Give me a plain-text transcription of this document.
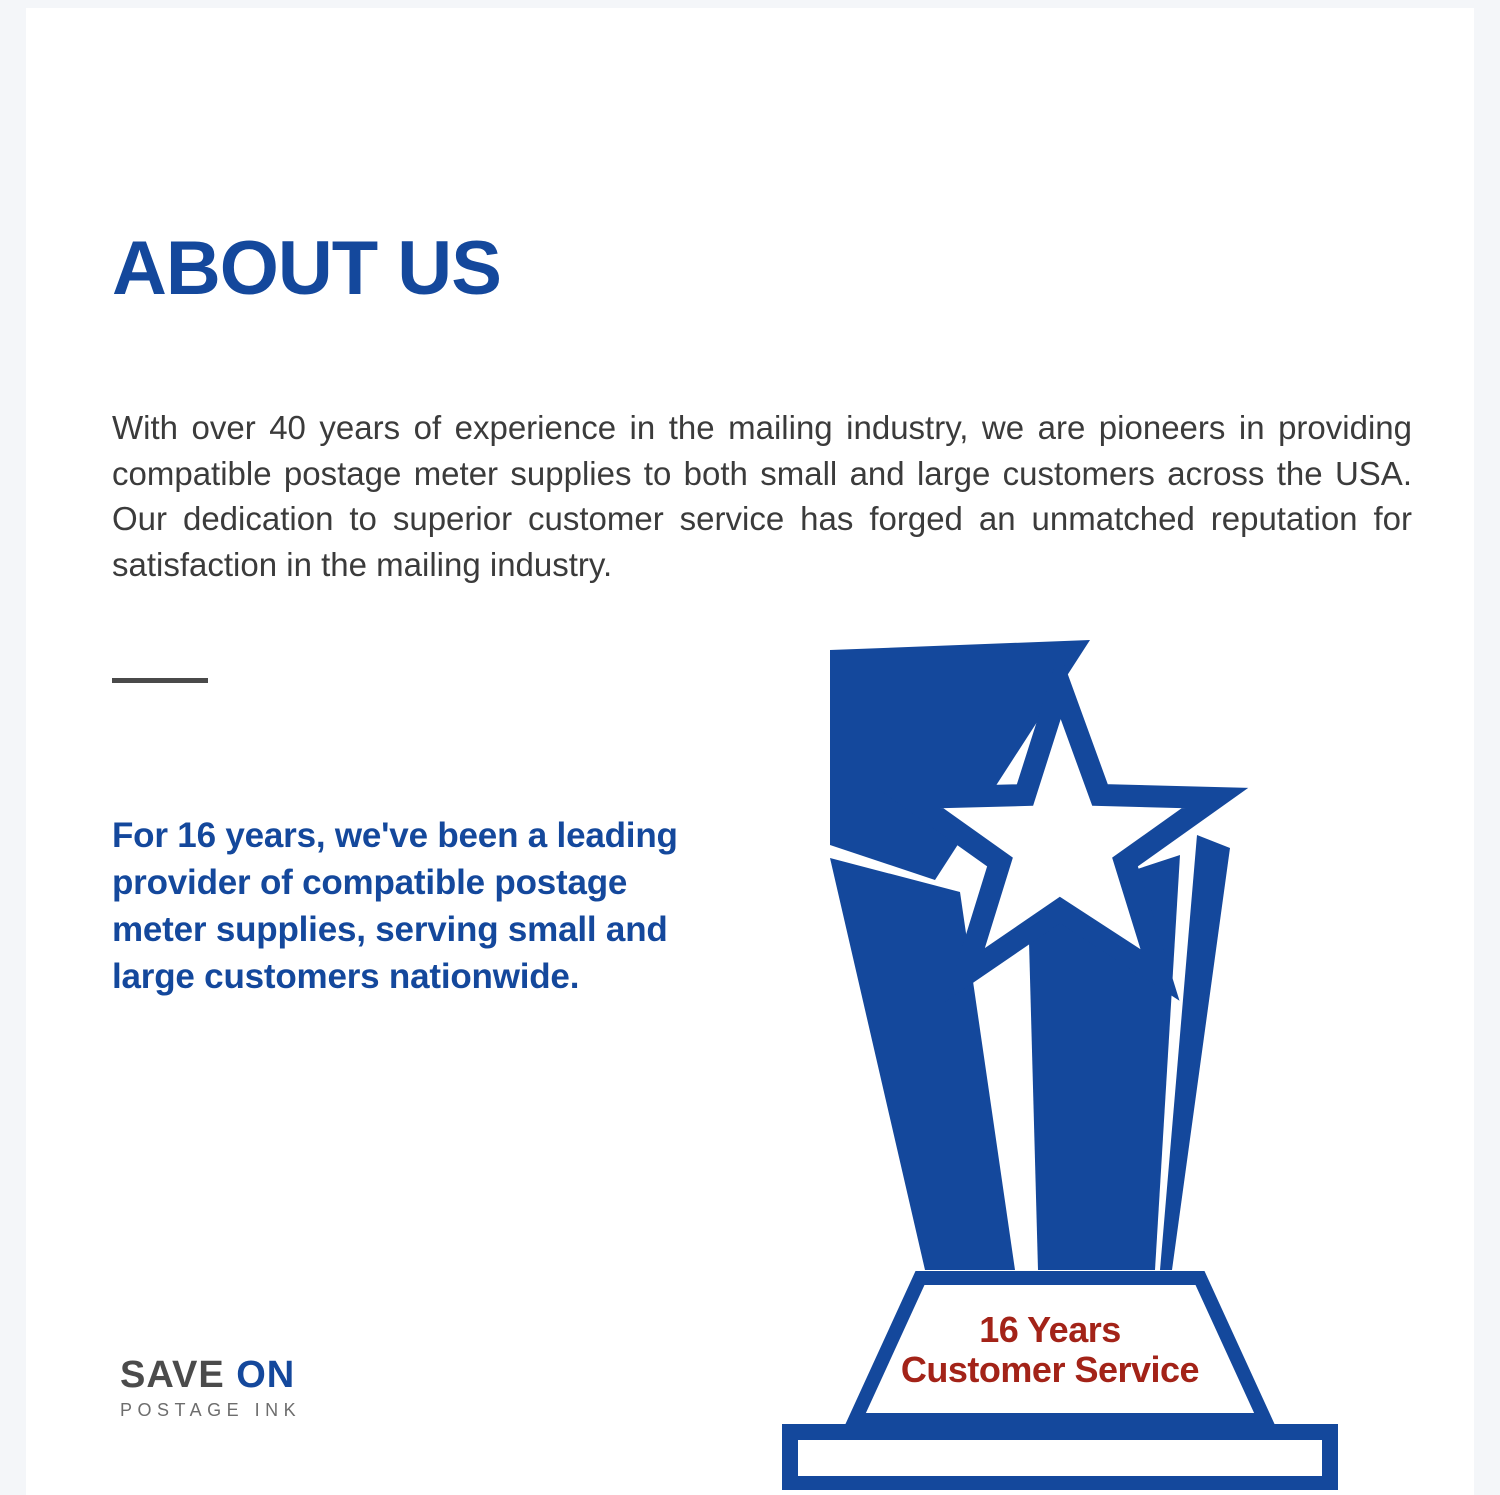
ABOUT US

With over 40 years of experience in the mailing industry, we are pioneers in providing compatible postage meter supplies to both small and large customers across the USA. Our dedication to superior customer service has forged an unmatched reputation for satisfaction in the mailing industry.

For 16 years, we've been a leading provider of compatible postage meter supplies, serving small and large customers nationwide.

16 Years
Customer Service
SAVE ON
POSTAGE INK
